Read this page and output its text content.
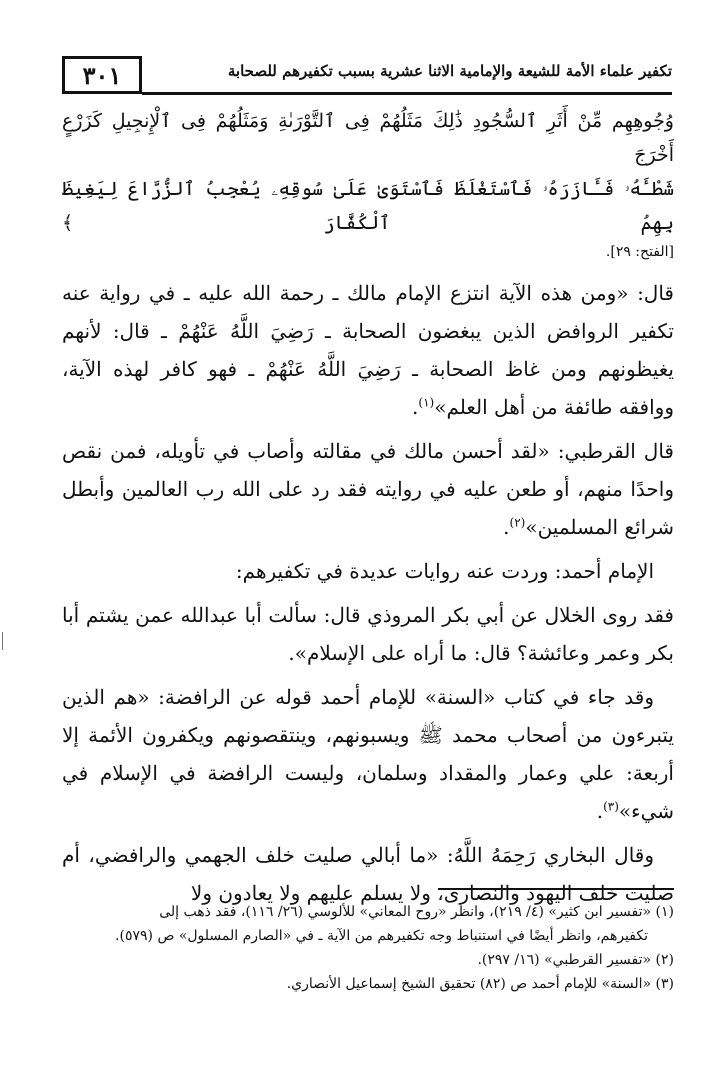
٣٠١	تكفير علماء الأمة للشيعة والإمامية الاثنا عشرية بسبب تكفيرهم للصحابة

وُجُوهِهِم مِّنْ أَثَرِ ٱلسُّجُودِ ذَٰلِكَ مَثَلُهُمْ فِى ٱلتَّوْرَىٰةِ وَمَثَلُهُمْ فِى ٱلْإِنجِيلِ كَزَرْعٍ أَخْرَجَ

شَطْـَٔهُۥ فَـَٔازَرَهُۥ فَٱسْتَغْلَظَ فَٱسْتَوَىٰ عَلَىٰ سُوقِهِۦ يُعْجِبُ ٱلزُّرَّاعَ لِيَغِيظَ بِهِمُ ٱلْكُفَّارَ ﴾

[الفتح: ٢٩].

قال: «ومن هذه الآية انتزع الإمام مالك ـ رحمة الله عليه ـ في رواية عنه تكفير الروافض الذين يبغضون الصحابة ـ رَضِيَ اللَّهُ عَنْهُمْ ـ قال: لأنهم يغيظونهم ومن غاظ الصحابة ـ رَضِيَ اللَّهُ عَنْهُمْ ـ فهو كافر لهذه الآية، ووافقه طائفة من أهل العلم»$^{(١)}$.

قال القرطبي: «لقد أحسن مالك في مقالته وأصاب في تأويله، فمن نقص واحدًا منهم، أو طعن عليه في روايته فقد رد على الله رب العالمين وأبطل شرائع المسلمين»$^{(٢)}$.

الإمام أحمد: وردت عنه روايات عديدة في تكفيرهم:

فقد روى الخلال عن أبي بكر المروذي قال: سألت أبا عبدالله عمن يشتم أبا بكر وعمر وعائشة؟ قال: ما أراه على الإسلام».

وقد جاء في كتاب «السنة» للإمام أحمد قوله عن الرافضة: «هم الذين يتبرءون من أصحاب محمد ﷺ ويسبونهم، وينتقصونهم ويكفرون الأئمة إلا أربعة: علي وعمار والمقداد وسلمان، وليست الرافضة في الإسلام في شيء»$^{(٣)}$.

وقال البخاري رَحِمَهُ اللَّهُ: «ما أبالي صليت خلف الجهمي والرافضي، أم صليت خلف اليهود والنصارى، ولا يسلم عليهم ولا يعادون ولا

(١) «تفسير ابن كثير» (٤/ ٢١٩)، وانظر «روح المعاني» للألوسي (٢٦/ ١١٦)، فقد ذهب إلى

تكفيرهم، وانظر أيضًا في استنباط وجه تكفيرهم من الآية ـ في «الصارم المسلول» ص (٥٧٩).

(٢) «تفسير القرطبي» (١٦/ ٢٩٧).

(٣) «السنة» للإمام أحمد ص (٨٢) تحقيق الشيخ إسماعيل الأنصاري.
